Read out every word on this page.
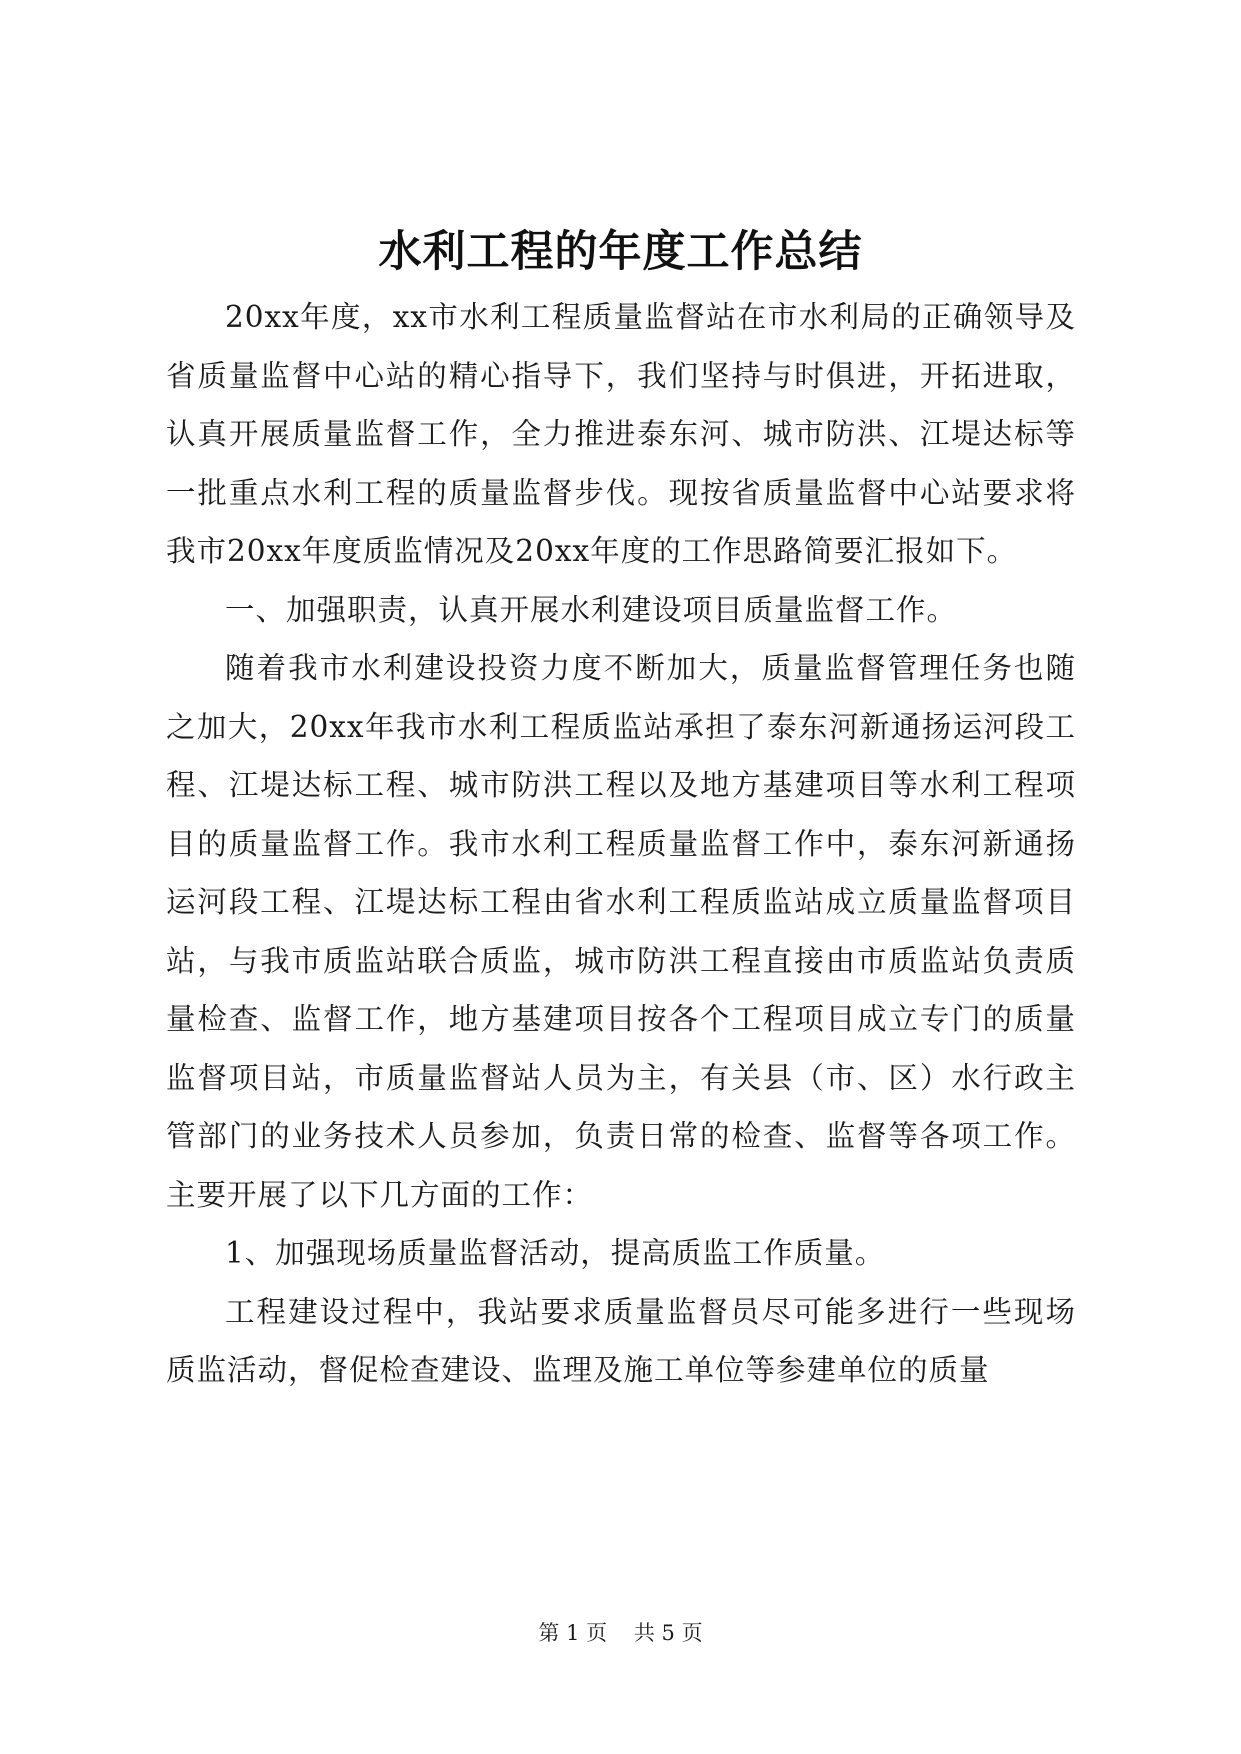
水利工程的年度工作总结

20xx年度，xx市水利工程质量监督站在市水利局的正确领导及省质量监督中心站的精心指导下，我们坚持与时俱进，开拓进取，认真开展质量监督工作，全力推进泰东河、城市防洪、江堤达标等一批重点水利工程的质量监督步伐。现按省质量监督中心站要求将我市20xx年度质监情况及20xx年度的工作思路简要汇报如下。

一、加强职责，认真开展水利建设项目质量监督工作。

随着我市水利建设投资力度不断加大，质量监督管理任务也随之加大，20xx年我市水利工程质监站承担了泰东河新通扬运河段工程、江堤达标工程、城市防洪工程以及地方基建项目等水利工程项目的质量监督工作。我市水利工程质量监督工作中，泰东河新通扬运河段工程、江堤达标工程由省水利工程质监站成立质量监督项目站，与我市质监站联合质监，城市防洪工程直接由市质监站负责质量检查、监督工作，地方基建项目按各个工程项目成立专门的质量监督项目站，市质量监督站人员为主，有关县（市、区）水行政主管部门的业务技术人员参加，负责日常的检查、监督等各项工作。主要开展了以下几方面的工作：

1、加强现场质量监督活动，提高质监工作质量。

工程建设过程中，我站要求质量监督员尽可能多进行一些现场质监活动，督促检查建设、监理及施工单位等参建单位的质量

第 1 页 共 5 页
